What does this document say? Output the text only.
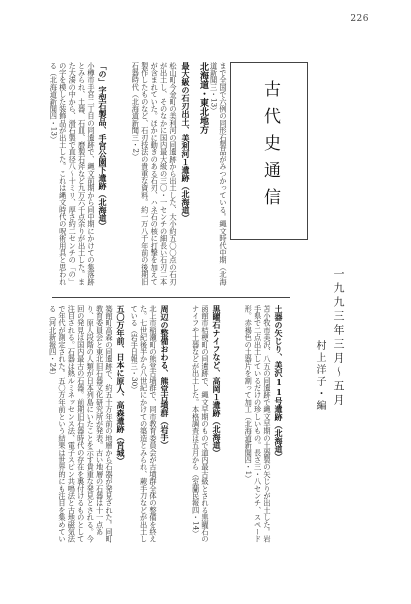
226
古代史通信
一九九三年三月～五月
村上洋子・編
まで全国で六例の同形石製品がみつかっている。縄文時代中期（北海道新聞三・13）
北海道・東北地方
最大級の石刃出土、美利河１遺跡（北海道）
松山町今金町の美利河の同遺跡から出土した、大小約五〇〇点の石刃が出土し、そのなかに国内最大級の三〇・一センチの細長い石刃二本が含まれていた。ほかに動きのある石刃、ハネ石の核に打撃を加えて製作したものなど、石刃技法の貴重な資料。約一万八千年前の後期旧石器時代（北海道新聞三・2）
「の」字型石製品、手宮公園下遺跡（北海道）
小樽市手宮二丁目の同遺跡で、縄文前期から同中期にかけての集落跡とみられ、土器、石皿、磨製石斧など九万六千点余りが出土した。また大湊の中から、滑石製で直径八〜十ミリ、厚さ約二センチの「の」の字を模した装飾品が出土した。これは縄文時代の呪術用具と思われる（北海道新聞四・13）
土器の矢じり、美沢11号遺跡（北海道）
苫小牧市美沢、八五の同遺跡で縄文早期の土器製の矢じりが出土した。岩手県で二点出土しているだけの珍しいもの。長さ三・八センチ、スペード形。赤褐色の土器片を割って加工（北海道新聞四・1）
黒曜石ナイフなど、高岡１遺跡（北海道）
函館市桔梗町の同遺跡で、縄文早期のもので道内最古級とされる黒曜石のナイフや土器などが出土した。本格調査は五月から（室蘭民報四・14）
周辺の整備おわる、熊堂古墳群（岩手）
北上市稲瀬町の熊堂古墳群で、同市教育委員会が古墳群全体の整備を終えた。七世紀後半から八世紀にかけての築造とみられ、蕨手刀などが出土している（岩手日報三・30）
五〇万年前、日本に原人、高森遺跡（宮城）
築館町高森の同遺跡で、約五十万年前の地層から石器が発見された。同町教育委員会と東北旧石器文化研究所が発表。古い地層の石器は十一点あり、原人段階の人類が日本列島にいたことを示す貴重な発見とされる。今回の発見は国内最古の石器。前期旧石器時代の存在を裏付けるものとして注目される。石器は熱ルミネッセンス法、電子スピン共鳴法と古地磁気法で年代が測定された。五〇万年前という結果は世界的にも注目を集めている（河北新報四・24）
